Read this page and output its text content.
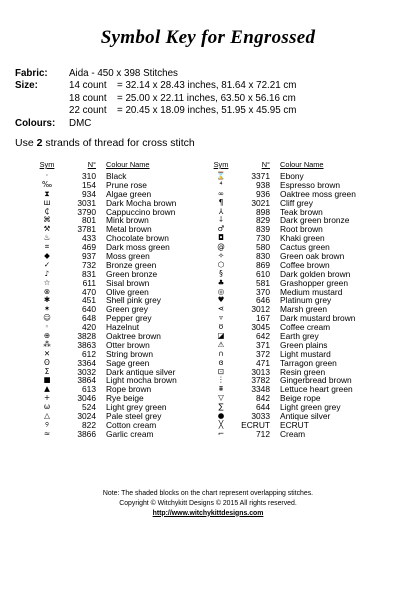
Symbol Key for Engrossed
Fabric:	Aida - 450 x 398 Stitches
Size:	14 count	= 32.14 x 28.43 inches, 81.64 x 72.21 cm
18 count	= 25.00 x 22.11 inches, 63.50 x 56.16 cm
22 count	= 20.45 x 18.09 inches, 51.95 x 45.95 cm
Colours:	DMC
Use 2 strands of thread for cross stitch
Sym	N°	Colour Name
·	310	Black
‰	154	Prune rose
⧗	934	Algae green
ш	3031	Dark Mocha brown
₵	3790	Cappuccino brown
⌘	801	Mink brown
⚒	3781	Metal brown
♨	433	Chocolate brown
⌗	469	Dark moss green
◆	937	Moss green
✓	732	Bronze green
♪	831	Green bronze
☆	611	Sisal brown
⊗	470	Olive green
✱	451	Shell pink grey
✶	640	Green grey
☺	648	Pepper grey
◦	420	Hazelnut
⊕	3828	Oaktree brown
⁂	3863	Otter brown
✕	612	String brown
ʘ	3364	Sage green
Σ	3032	Dark antique silver
■	3864	Light mocha brown
▲	613	Rope brown
+	3046	Rye beige
ω	524	Light grey green
△	3024	Pale steel grey
୨	822	Cotton cream
≈	3866	Garlic cream
Sym	N°	Colour Name
⌛	3371	Ebony
⁴	938	Espresso brown
∞	936	Oaktree moss green
¶	3021	Cliff grey
⅄	898	Teak brown
⸸	829	Dark green bronze
♂	839	Root brown
◘	730	Khaki green
@	580	Cactus green
✧	830	Green oak brown
⬡	869	Coffee brown
§	610	Dark golden brown
♣	581	Grashopper green
◎	370	Medium mustard
♥	646	Platinum grey
⋖	3012	Marsh green
▿	167	Dark mustard brown
ʊ	3045	Coffee cream
◪	642	Earth grey
⚠	371	Green plains
∩	372	Light mustard
ɞ	471	Tarragon green
⊡	3013	Resin green
⋮	3782	Gingerbread brown
⩩	3348	Lettuce heart green
▽	842	Beige rope
∑	644	Light green grey
●	3033	Antique silver
╳	ECRUT	ECRUT
⌐	712	Cream
Note: The shaded blocks on the chart represent overlapping stitches.
Copyright © Witchykitt Designs © 2015 All rights reserved.
http://www.witchykittdesigns.com
